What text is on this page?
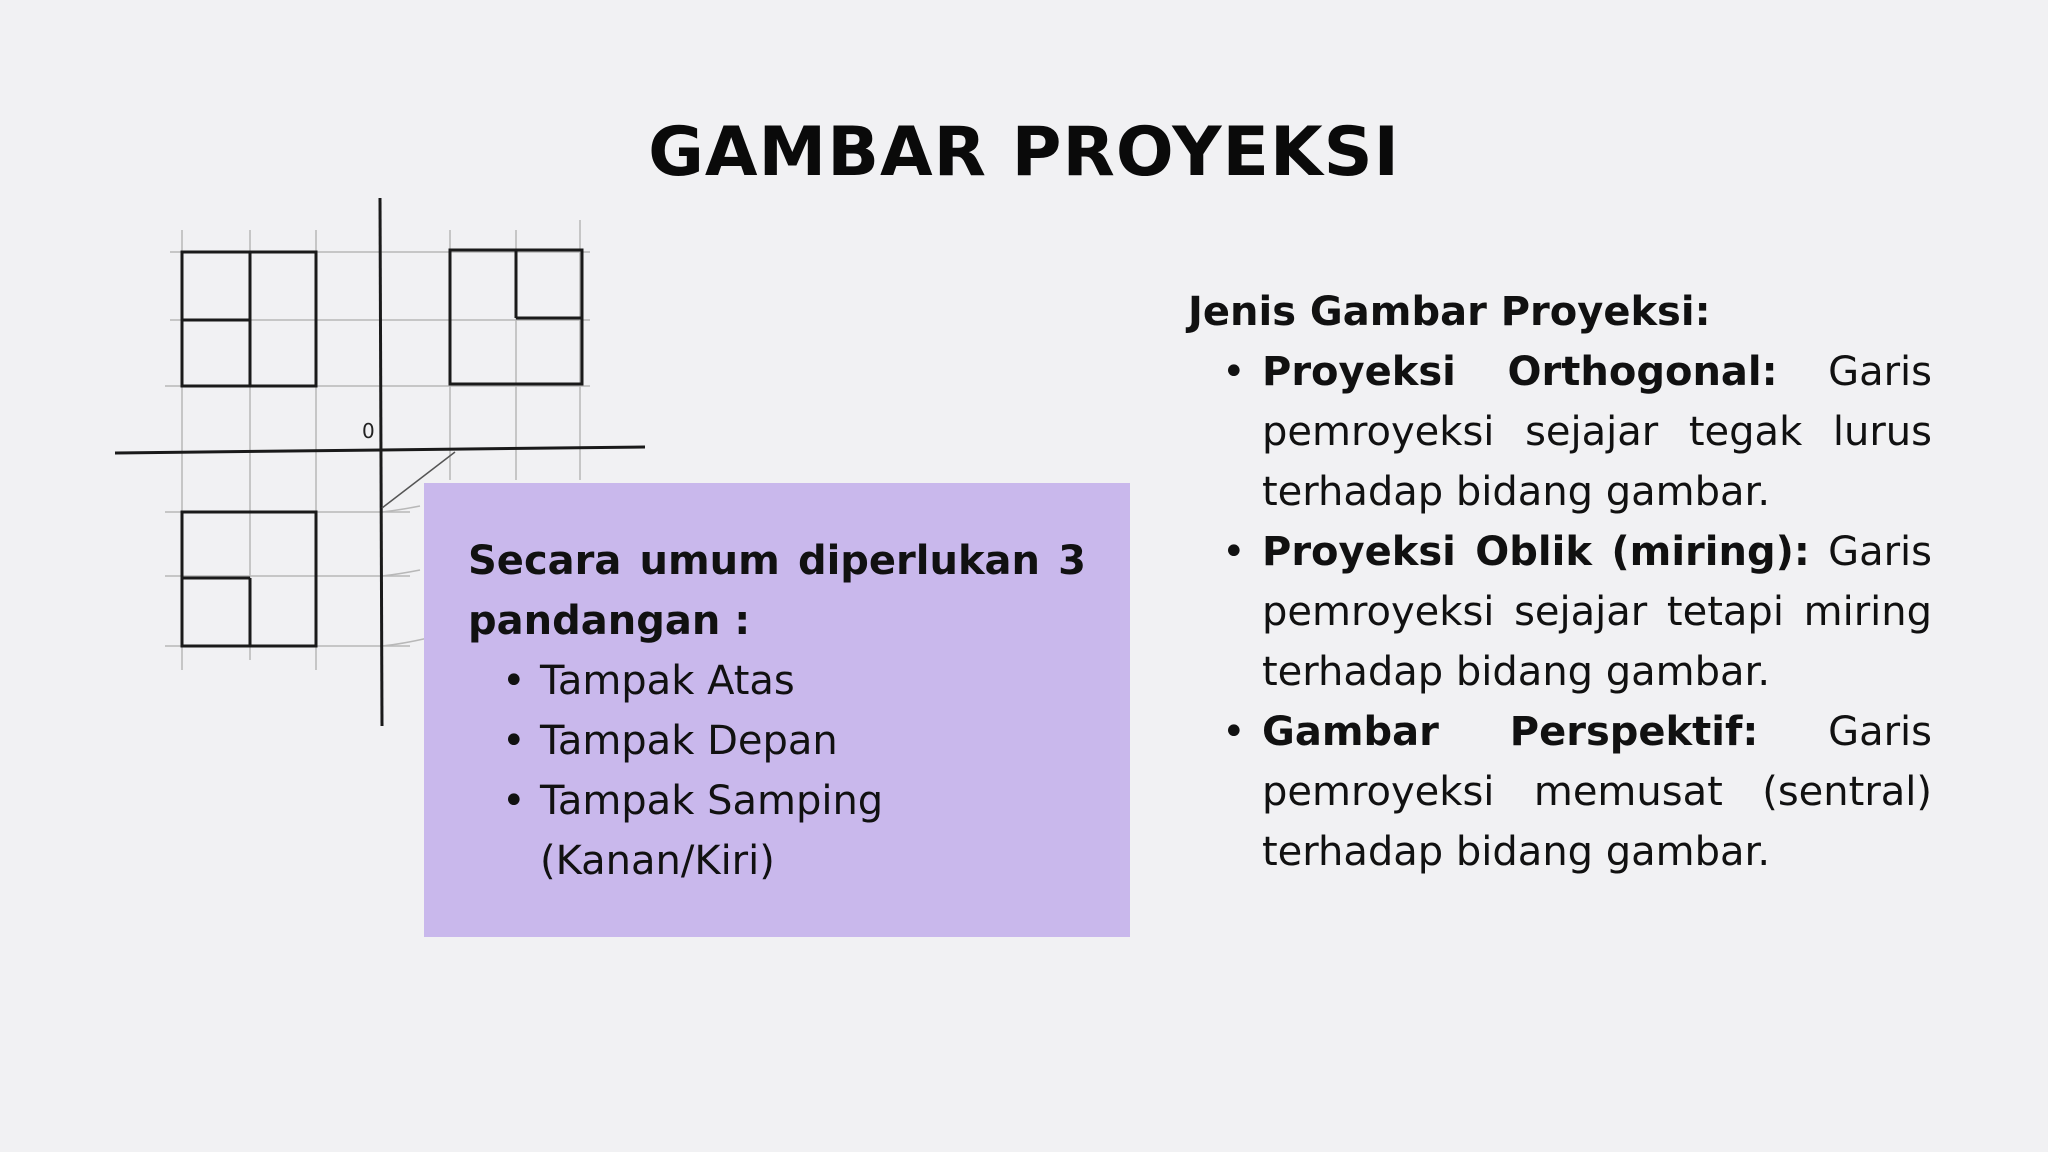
GAMBAR PROYEKSI
0

Secara umum diperlukan 3 pandangan :

• Tampak Atas
• Tampak Depan
• Tampak Samping (Kanan/Kiri)

Jenis Gambar Proyeksi:

• Proyeksi Orthogonal: Garis pemroyeksi sejajar tegak lurus terhadap bidang gambar.
• Proyeksi Oblik (miring): Garis pemroyeksi sejajar tetapi miring terhadap bidang gambar.
• Gambar Perspektif: Garis pemroyeksi memusat (sentral) terhadap bidang gambar.
